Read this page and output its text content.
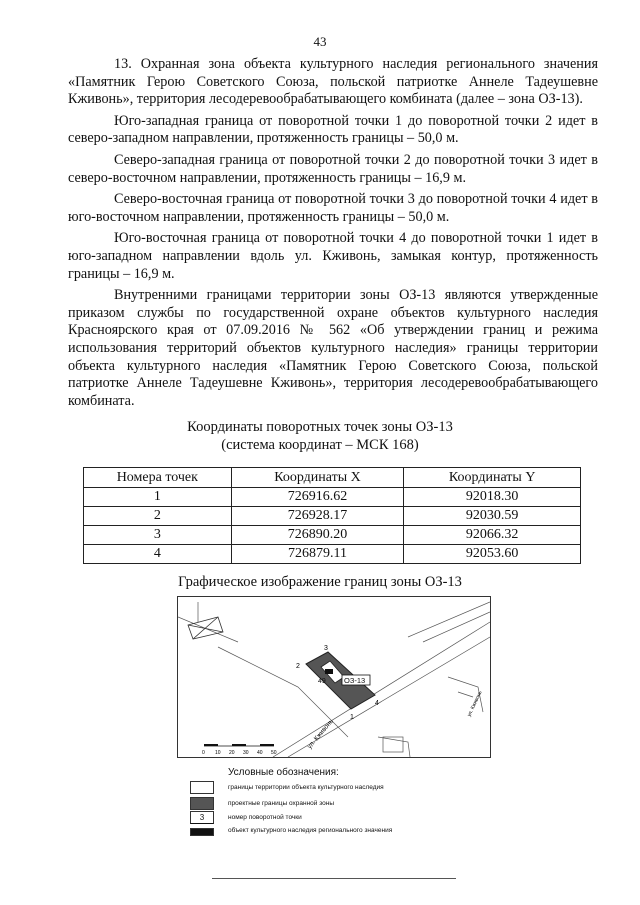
43

13. Охранная зона объекта культурного наследия регионального значения «Памятник Герою Советского Союза, польской патриотке Аннеле Тадеушевне Кживонь», территория лесодеревообрабатывающего комбината (далее – зона ОЗ-13).

Юго-западная граница от поворотной точки 1 до поворотной точки 2 идет в северо-западном направлении, протяженность границы – 50,0 м.

Северо-западная граница от поворотной точки 2 до поворотной точки 3 идет в северо-восточном направлении, протяженность границы – 16,9 м.

Северо-восточная граница от поворотной точки 3 до поворотной точки 4 идет в юго-восточном направлении, протяженность границы – 50,0 м.

Юго-восточная граница от поворотной точки 4 до поворотной точки 1 идет в юго-западном направлении вдоль ул. Кживонь, замыкая контур, протяженность границы – 16,9 м.

Внутренними границами территории зоны ОЗ-13 являются утвержденные приказом службы по государственной охране объектов культурного наследия Красноярского края от 07.09.2016 № 562 «Об утверждении границ и режима использования территорий объектов культурного наследия» границы территории объекта культурного наследия «Памятник Герою Советского Союза, польской патриотке Аннеле Тадеушевне Кживонь», территория лесодеревообрабатывающего комбината.

Координаты поворотных точек зоны ОЗ-13
(система координат – МСК 168)
Номера точек	Координаты X	Координаты Y
1	726916.62	92018.30
2	726928.17	92030.59
3	726890.20	92066.32
4	726879.11	92053.60
Графическое изображение границ зоны ОЗ-13
49 ОЗ-13
1
2
3
4
ул. Кживонь
ул. Кживонь
0 10 20 30 40 50
Условные обозначения:
границы территории объекта культурного наследия
проектные границы охранной зоны
3	номер поворотной точки
объект культурного наследия регионального значения
